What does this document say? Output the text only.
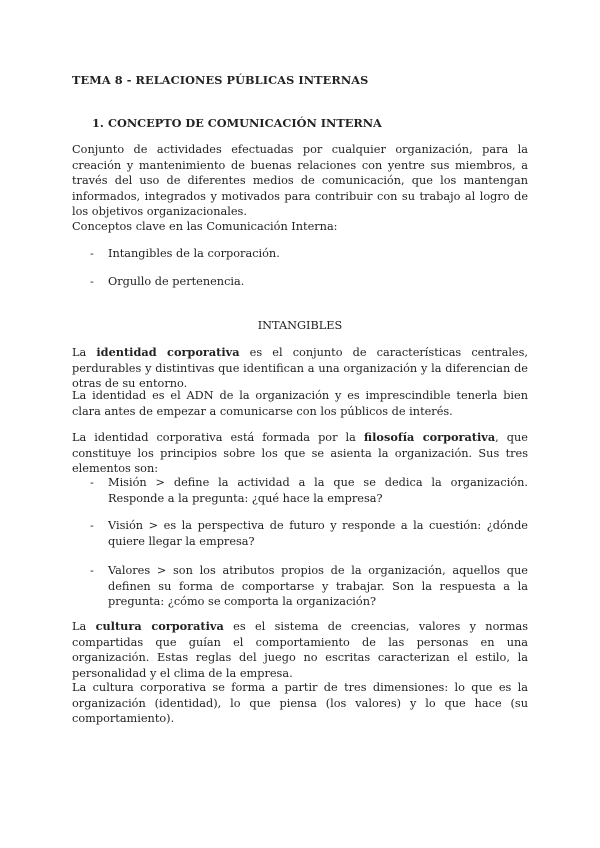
TEMA 8 - RELACIONES PÚBLICAS INTERNAS

1. CONCEPTO DE COMUNICACIÓN INTERNA

Conjunto de actividades efectuadas por cualquier organización, para la creación y mantenimiento de buenas relaciones con yentre sus miembros, a través del uso de diferentes medios de comunicación, que los mantengan informados, integrados y motivados para contribuir con su trabajo al logro de los objetivos organizacionales.

Conceptos clave en las Comunicación Interna:

- Intangibles de la corporación.

- Orgullo de pertenencia.

INTANGIBLES

La identidad corporativa es el conjunto de características centrales, perdurables y distintivas que identifican a una organización y la diferencian de otras de su entorno.

La identidad es el ADN de la organización y es imprescindible tenerla bien clara antes de empezar a comunicarse con los públicos de interés.

La identidad corporativa está formada por la filosofía corporativa, que constituye los principios sobre los que se asienta la organización. Sus tres elementos son:

- Misión > define la actividad a la que se dedica la organización. Responde a la pregunta: ¿qué hace la empresa?

- Visión > es la perspectiva de futuro y responde a la cuestión: ¿dónde quiere llegar la empresa?

- Valores > son los atributos propios de la organización, aquellos que definen su forma de comportarse y trabajar. Son la respuesta a la pregunta: ¿cómo se comporta la organización?

La cultura corporativa es el sistema de creencias, valores y normas compartidas que guían el comportamiento de las personas en una organización. Estas reglas del juego no escritas caracterizan el estilo, la personalidad y el clima de la empresa.

La cultura corporativa se forma a partir de tres dimensiones: lo que es la organización (identidad), lo que piensa (los valores) y lo que hace (su comportamiento).
